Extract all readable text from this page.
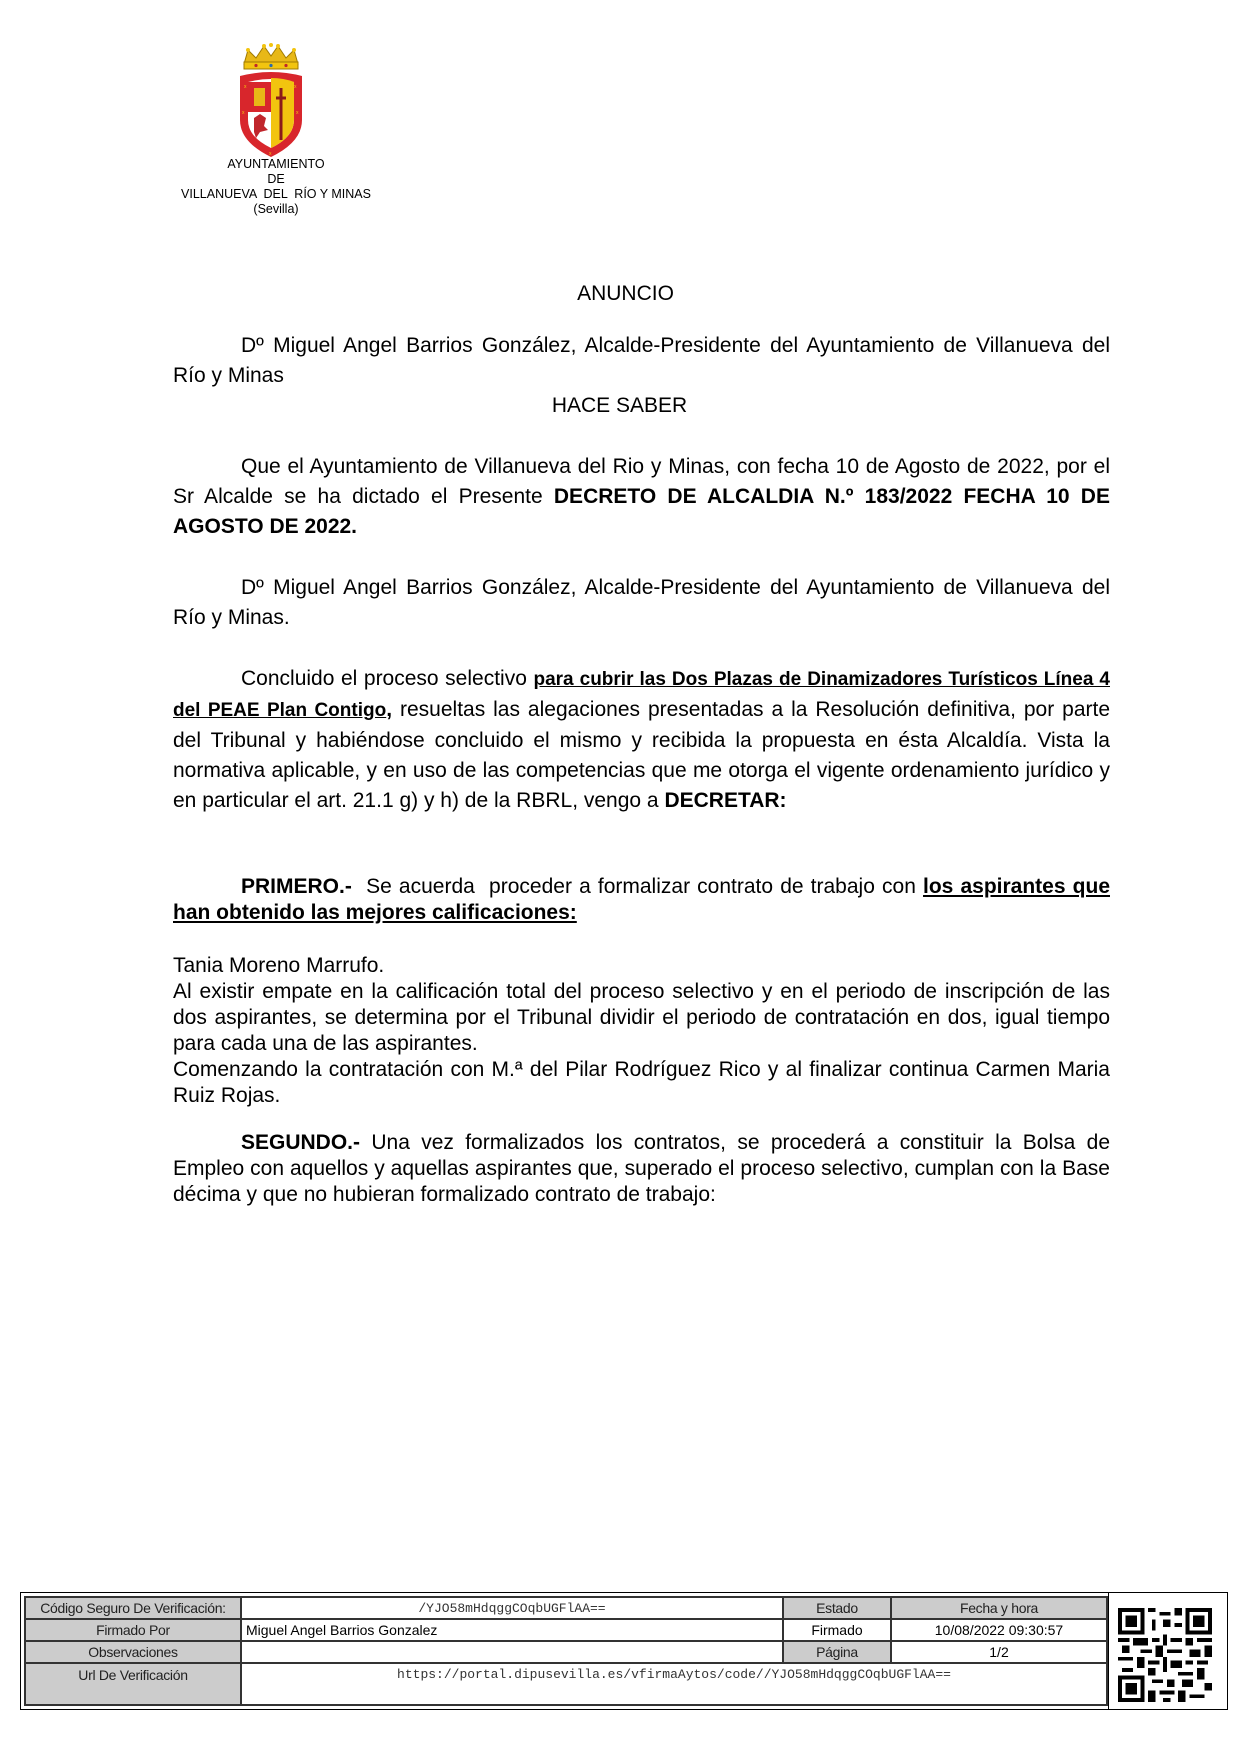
x	x
x	x
x
AYUNTAMIENTO
DE
VILLANUEVA  DEL  RÍO Y MINAS
(Sevilla)
ANUNCIO

Dº Miguel Angel Barrios González, Alcalde-Presidente del Ayuntamiento de Villanueva del Río y Minas

HACE SABER

Que el Ayuntamiento de Villanueva del Rio y Minas, con fecha 10 de Agosto de 2022, por el Sr Alcalde se ha dictado el Presente DECRETO DE ALCALDIA N.º 183/2022 FECHA 10 DE AGOSTO DE 2022.

Dº Miguel Angel Barrios González, Alcalde-Presidente del Ayuntamiento de Villanueva del Río y Minas.

Concluido el proceso selectivo para cubrir las Dos Plazas de Dinamizadores Turísticos Línea 4 del PEAE Plan Contigo, resueltas las alegaciones presentadas a la Resolución definitiva, por parte del Tribunal y habiéndose concluido el mismo y recibida la propuesta en ésta Alcaldía. Vista la normativa aplicable, y en uso de las competencias que me otorga el vigente ordenamiento jurídico y en particular el art. 21.1 g) y h) de la RBRL, vengo a DECRETAR:

PRIMERO.-  Se acuerda  proceder a formalizar contrato de trabajo con los aspirantes que han obtenido las mejores calificaciones:

Tania Moreno Marrufo.

Al existir empate en la calificación total del proceso selectivo y en el periodo de inscripción de las dos aspirantes, se determina por el Tribunal dividir el periodo de contratación en dos, igual tiempo para cada una de las aspirantes.

Comenzando la contratación con M.ª del Pilar Rodríguez Rico y al finalizar continua Carmen Maria Ruiz Rojas.

SEGUNDO.- Una vez formalizados los contratos, se procederá a constituir la Bolsa de Empleo con aquellos y aquellas aspirantes que, superado el proceso selectivo, cumplan con la Base décima y que no hubieran formalizado contrato de trabajo:

Código Seguro De Verificación:	/YJO58mHdqggCOqbUGFlAA==	Estado	Fecha y hora
Firmado Por	Miguel Angel Barrios Gonzalez	Firmado	10/08/2022 09:30:57
Observaciones		Página	1/2
Url De Verificación	https://portal.dipusevilla.es/vfirmaAytos/code//YJO58mHdqggCOqbUGFlAA==		
